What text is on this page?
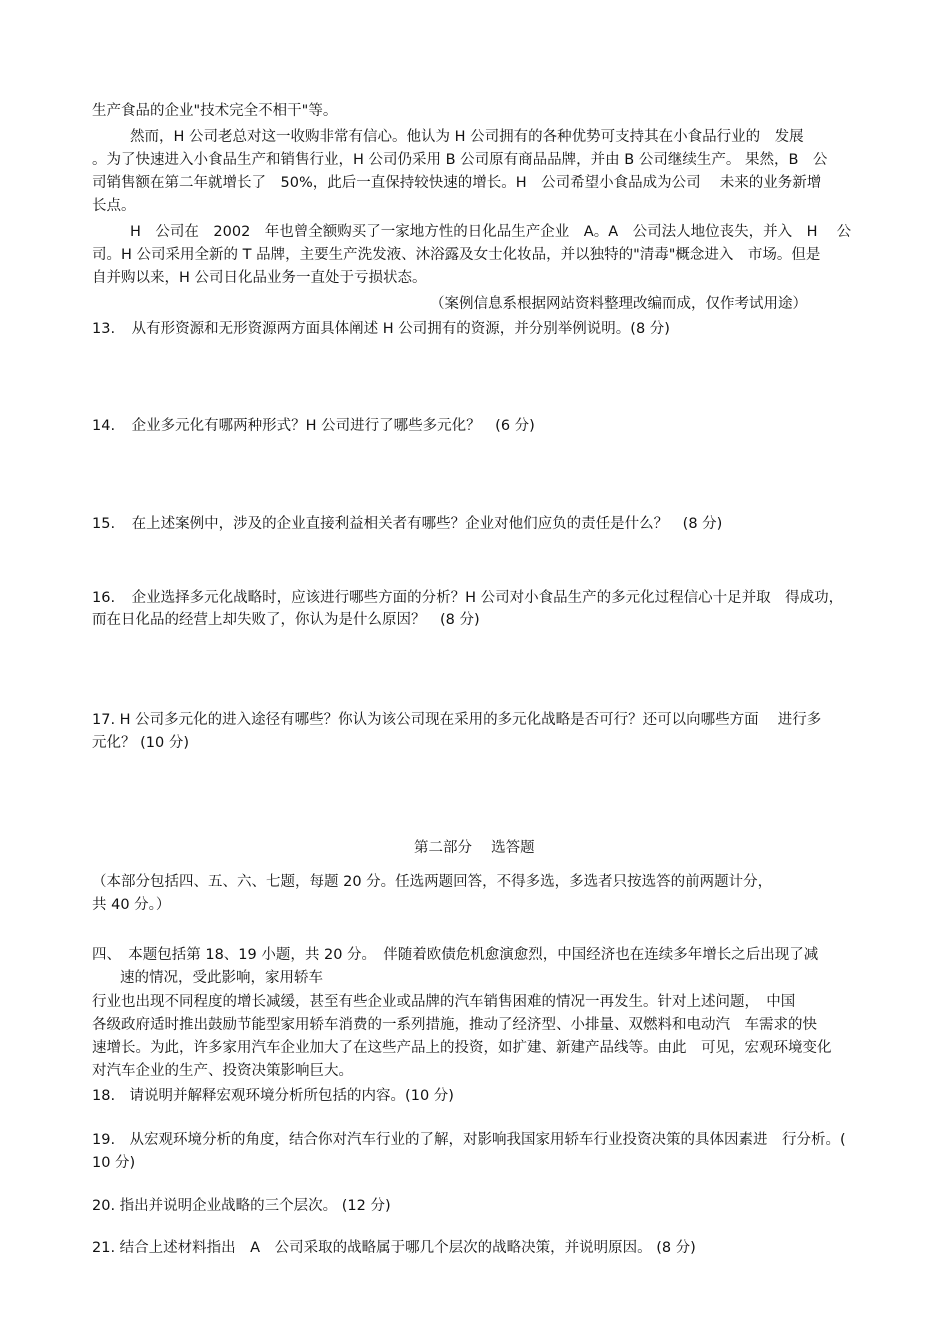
生产食品的企业"技术完全不相干"等。
然而，H 公司老总对这一收购非常有信心。他认为 H 公司拥有的各种优势可支持其在小食品行业的　发展
。为了快速进入小食品生产和销售行业，H 公司仍采用 B 公司原有商品品牌，并由 B 公司继续生产。 果然，B　公
司销售额在第二年就增长了　50%，此后一直保持较快速的增长。H　公司希望小食品成为公司　 未来的业务新增
长点。
H　公司在　2002　年也曾全额购买了一家地方性的日化品生产企业　A。A　公司法人地位丧失，并入　H　 公
司。H 公司采用全新的 T 品牌，主要生产洗发液、沐浴露及女士化妆品，并以独特的"清毒"概念进入　市场。但是
自并购以来，H 公司日化品业务一直处于亏损状态。
（案例信息系根据网站资料整理改编而成，仅作考试用途）
13. 从有形资源和无形资源两方面具体阐述 H 公司拥有的资源，并分别举例说明。(8 分)
14. 企业多元化有哪两种形式？H 公司进行了哪些多元化？　(6 分)
15. 在上述案例中，涉及的企业直接利益相关者有哪些？企业对他们应负的责任是什么？　(8 分)
16. 企业选择多元化战略时，应该进行哪些方面的分析？H 公司对小食品生产的多元化过程信心十足并取　得成功，
而在日化品的经营上却失败了，你认为是什么原因？　(8 分)
17. H 公司多元化的进入途径有哪些？你认为该公司现在采用的多元化战略是否可行？还可以向哪些方面　 进行多
元化？ (10 分)
第二部分　 选答题
（本部分包括四、五、六、七题，每题 20 分。任选两题回答，不得多选，多选者只按选答的前两题计分，
共 40 分。）
四、　本题包括第 18、19 小题，共 20 分。　伴随着欧债危机愈演愈烈，中国经济也在连续多年增长之后出现了减
速的情况，受此影响，家用轿车
行业也出现不同程度的增长减缓，甚至有些企业或品牌的汽车销售困难的情况一再发生。针对上述问题，　中国
各级政府适时推出鼓励节能型家用轿车消费的一系列措施，推动了经济型、小排量、双燃料和电动汽　车需求的快
速增长。为此，许多家用汽车企业加大了在这些产品上的投资，如扩建、新建产品线等。由此　可见，宏观环境变化
对汽车企业的生产、投资决策影响巨大。
18.　请说明并解释宏观环境分析所包括的内容。(10 分)
19.　从宏观环境分析的角度，结合你对汽车行业的了解，对影响我国家用轿车行业投资决策的具体因素进　行分析。(
10 分)
20. 指出并说明企业战略的三个层次。 (12 分)
21. 结合上述材料指出　A　公司采取的战略属于哪几个层次的战略决策，并说明原因。 (8 分)
